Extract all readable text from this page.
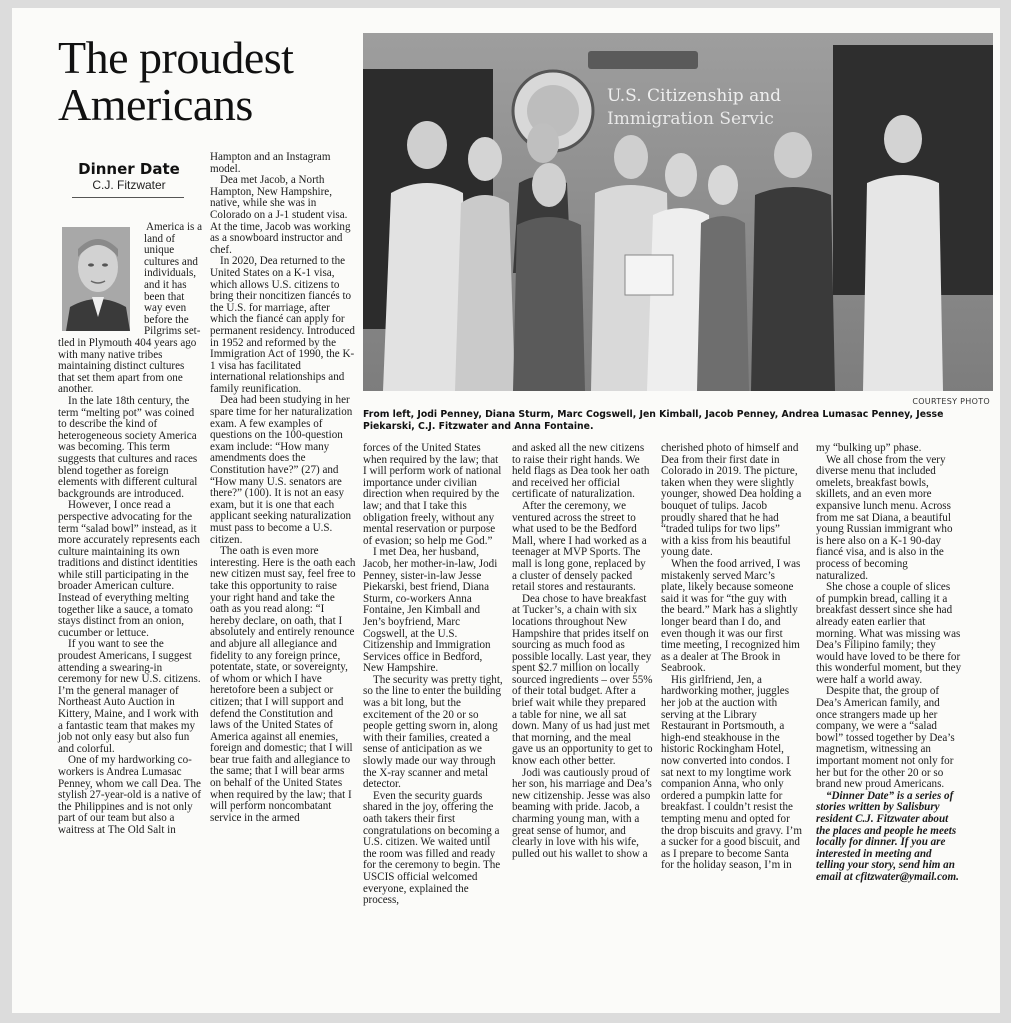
The proudest
Americans
Dinner Date
C.J. Fitzwater

America is a land of unique cultures and individuals, and it has been that way even before the Pilgrims set-

tled in Plymouth 404 years ago with many native tribes maintaining distinct cultures that set them apart from one another.

In the late 18th century, the term “melting pot” was coined to describe the kind of heterogeneous society America was becoming. This term suggests that cultures and races blend together as foreign elements with different cultural backgrounds are introduced.

However, I once read a perspective advocating for the term “salad bowl” instead, as it more accurately represents each culture maintaining its own traditions and distinct identities while still participating in the broader American culture. Instead of everything melting together like a sauce, a tomato stays distinct from an onion, cucumber or lettuce.

If you want to see the proudest Americans, I suggest attending a swearing-in ceremony for new U.S. citizens. I’m the general manager of Northeast Auto Auction in Kittery, Maine, and I work with a fantastic team that makes my job not only easy but also fun and colorful.

One of my hardworking co-workers is Andrea Lumasac Penney, whom we call Dea. The stylish 27-year-old is a native of the Philippines and is not only part of our team but also a waitress at The Old Salt in

Hampton and an Instagram model.

Dea met Jacob, a North Hampton, New Hampshire, native, while she was in Colorado on a J-1 student visa. At the time, Jacob was working as a snowboard instructor and chef.

In 2020, Dea returned to the United States on a K-1 visa, which allows U.S. citizens to bring their noncitizen fiancés to the U.S. for marriage, after which the fiancé can apply for permanent residency. Introduced in 1952 and reformed by the Immigration Act of 1990, the K-1 visa has facilitated international relationships and family reunification.

Dea had been studying in her spare time for her naturalization exam. A few examples of questions on the 100-question exam include: “How many amendments does the Constitution have?” (27) and “How many U.S. senators are there?” (100). It is not an easy exam, but it is one that each applicant seeking naturalization must pass to become a U.S. citizen.

The oath is even more interesting. Here is the oath each new citizen must say, feel free to take this opportunity to raise your right hand and take the oath as you read along: “I hereby declare, on oath, that I absolutely and entirely renounce and abjure all allegiance and fidelity to any foreign prince, potentate, state, or sovereignty, of whom or which I have heretofore been a subject or citizen; that I will support and defend the Constitution and laws of the United States of America against all enemies, foreign and domestic; that I will bear true faith and allegiance to the same; that I will bear arms on behalf of the United States when required by the law; that I will perform noncombatant service in the armed

U.S. Citizenship and
Immigration Servic
COURTESY PHOTO

From left, Jodi Penney, Diana Sturm, Marc Cogswell, Jen Kimball, Jacob Penney, Andrea Lumasac Penney, Jesse Piekarski, C.J. Fitzwater and Anna Fontaine.

forces of the United States when required by the law; that I will perform work of national importance under civilian direction when required by the law; and that I take this obligation freely, without any mental reservation or purpose of evasion; so help me God.”

I met Dea, her husband, Jacob, her mother-in-law, Jodi Penney, sister-in-law Jesse Piekarski, best friend, Diana Sturm, co-workers Anna Fontaine, Jen Kimball and Jen’s boyfriend, Marc Cogswell, at the U.S. Citizenship and Immigration Services office in Bedford, New Hampshire.

The security was pretty tight, so the line to enter the building was a bit long, but the excitement of the 20 or so people getting sworn in, along with their families, created a sense of anticipation as we slowly made our way through the X-ray scanner and metal detector.

Even the security guards shared in the joy, offering the oath takers their first congratulations on becoming a U.S. citizen. We waited until the room was filled and ready for the ceremony to begin. The USCIS official welcomed everyone, explained the process,

and asked all the new citizens to raise their right hands. We held flags as Dea took her oath and received her official certificate of naturalization.

After the ceremony, we ventured across the street to what used to be the Bedford Mall, where I had worked as a teenager at MVP Sports. The mall is long gone, replaced by a cluster of densely packed retail stores and restaurants.

Dea chose to have breakfast at Tucker’s, a chain with six locations throughout New Hampshire that prides itself on sourcing as much food as possible locally. Last year, they spent $2.7 million on locally sourced ingredients – over 55% of their total budget. After a brief wait while they prepared a table for nine, we all sat down. Many of us had just met that morning, and the meal gave us an opportunity to get to know each other better.

Jodi was cautiously proud of her son, his marriage and Dea’s new citizenship. Jesse was also beaming with pride. Jacob, a charming young man, with a great sense of humor, and clearly in love with his wife, pulled out his wallet to show a

cherished photo of himself and Dea from their first date in Colorado in 2019. The picture, taken when they were slightly younger, showed Dea holding a bouquet of tulips. Jacob proudly shared that he had “traded tulips for two lips” with a kiss from his beautiful young date.

When the food arrived, I was mistakenly served Marc’s plate, likely because someone said it was for “the guy with the beard.” Mark has a slightly longer beard than I do, and even though it was our first time meeting, I recognized him as a dealer at The Brook in Seabrook.

His girlfriend, Jen, a hardworking mother, juggles her job at the auction with serving at the Library Restaurant in Portsmouth, a high-end steakhouse in the historic Rockingham Hotel, now converted into condos. I sat next to my longtime work companion Anna, who only ordered a pumpkin latte for breakfast. I couldn’t resist the tempting menu and opted for the drop biscuits and gravy. I’m a sucker for a good biscuit, and as I prepare to become Santa for the holiday season, I’m in

my “bulking up” phase.

We all chose from the very diverse menu that included omelets, breakfast bowls, skillets, and an even more expansive lunch menu. Across from me sat Diana, a beautiful young Russian immigrant who is here also on a K-1 90-day fiancé visa, and is also in the process of becoming naturalized.

She chose a couple of slices of pumpkin bread, calling it a breakfast dessert since she had already eaten earlier that morning. What was missing was Dea’s Filipino family; they would have loved to be there for this wonderful moment, but they were half a world away.

Despite that, the group of Dea’s American family, and once strangers made up her company, we were a “salad bowl” tossed together by Dea’s magnetism, witnessing an important moment not only for her but for the other 20 or so brand new proud Americans.

“Dinner Date” is a series of stories written by Salisbury resident C.J. Fitzwater about the places and people he meets locally for dinner. If you are interested in meeting and telling your story, send him an email at cfitzwater@ymail.com.
